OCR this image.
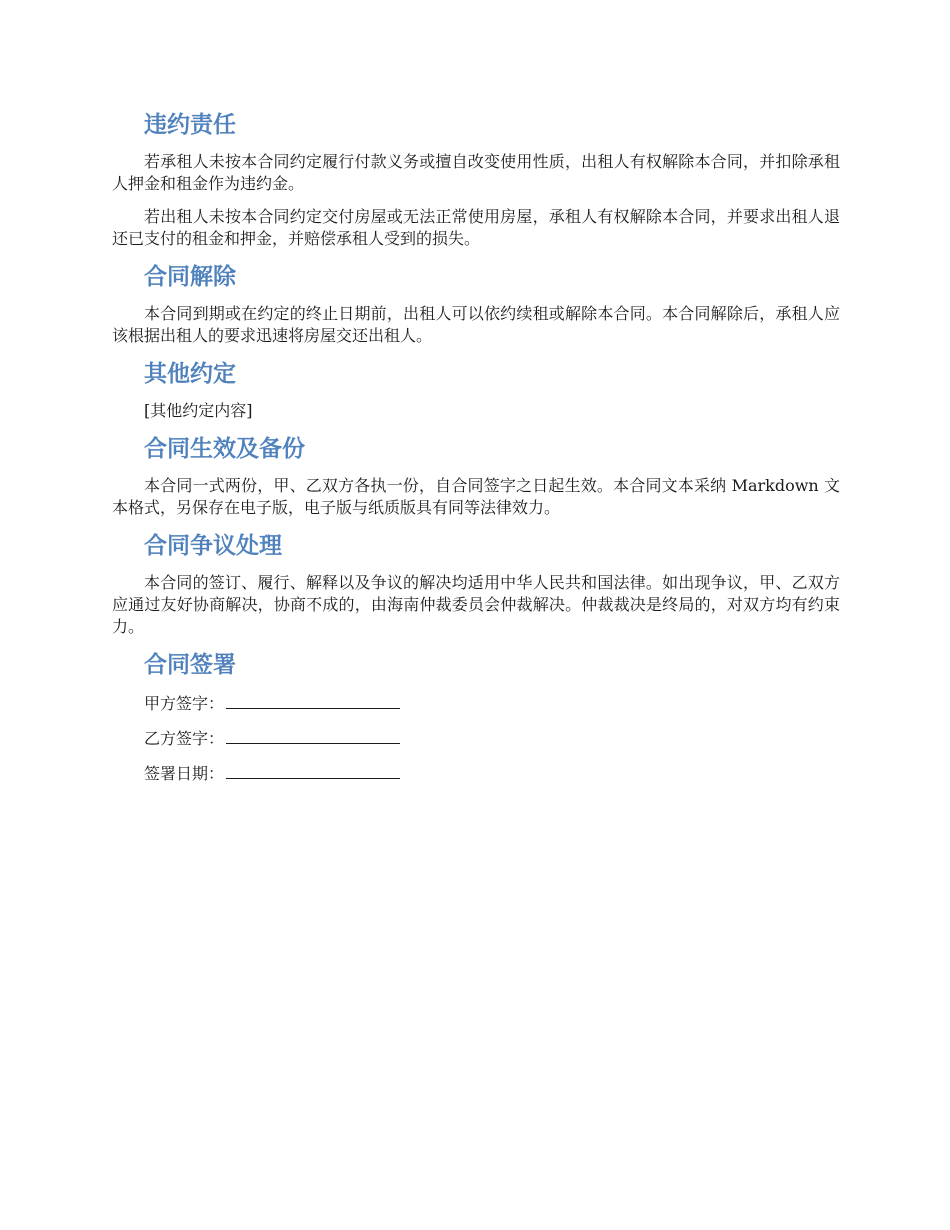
违约责任

若承租人未按本合同约定履行付款义务或擅自改变使用性质，出租人有权解除本合同，并扣除承租人押金和租金作为违约金。

若出租人未按本合同约定交付房屋或无法正常使用房屋，承租人有权解除本合同，并要求出租人退还已支付的租金和押金，并赔偿承租人受到的损失。

合同解除

本合同到期或在约定的终止日期前，出租人可以依约续租或解除本合同。本合同解除后，承租人应该根据出租人的要求迅速将房屋交还出租人。

其他约定

[其他约定内容]

合同生效及备份

本合同一式两份，甲、乙双方各执一份，自合同签字之日起生效。本合同文本采纳 Markdown 文本格式，另保存在电子版，电子版与纸质版具有同等法律效力。

合同争议处理

本合同的签订、履行、解释以及争议的解决均适用中华人民共和国法律。如出现争议，甲、乙双方应通过友好协商解决，协商不成的，由海南仲裁委员会仲裁解决。仲裁裁决是终局的，对双方均有约束力。

合同签署

甲方签字：

乙方签字：

签署日期：
